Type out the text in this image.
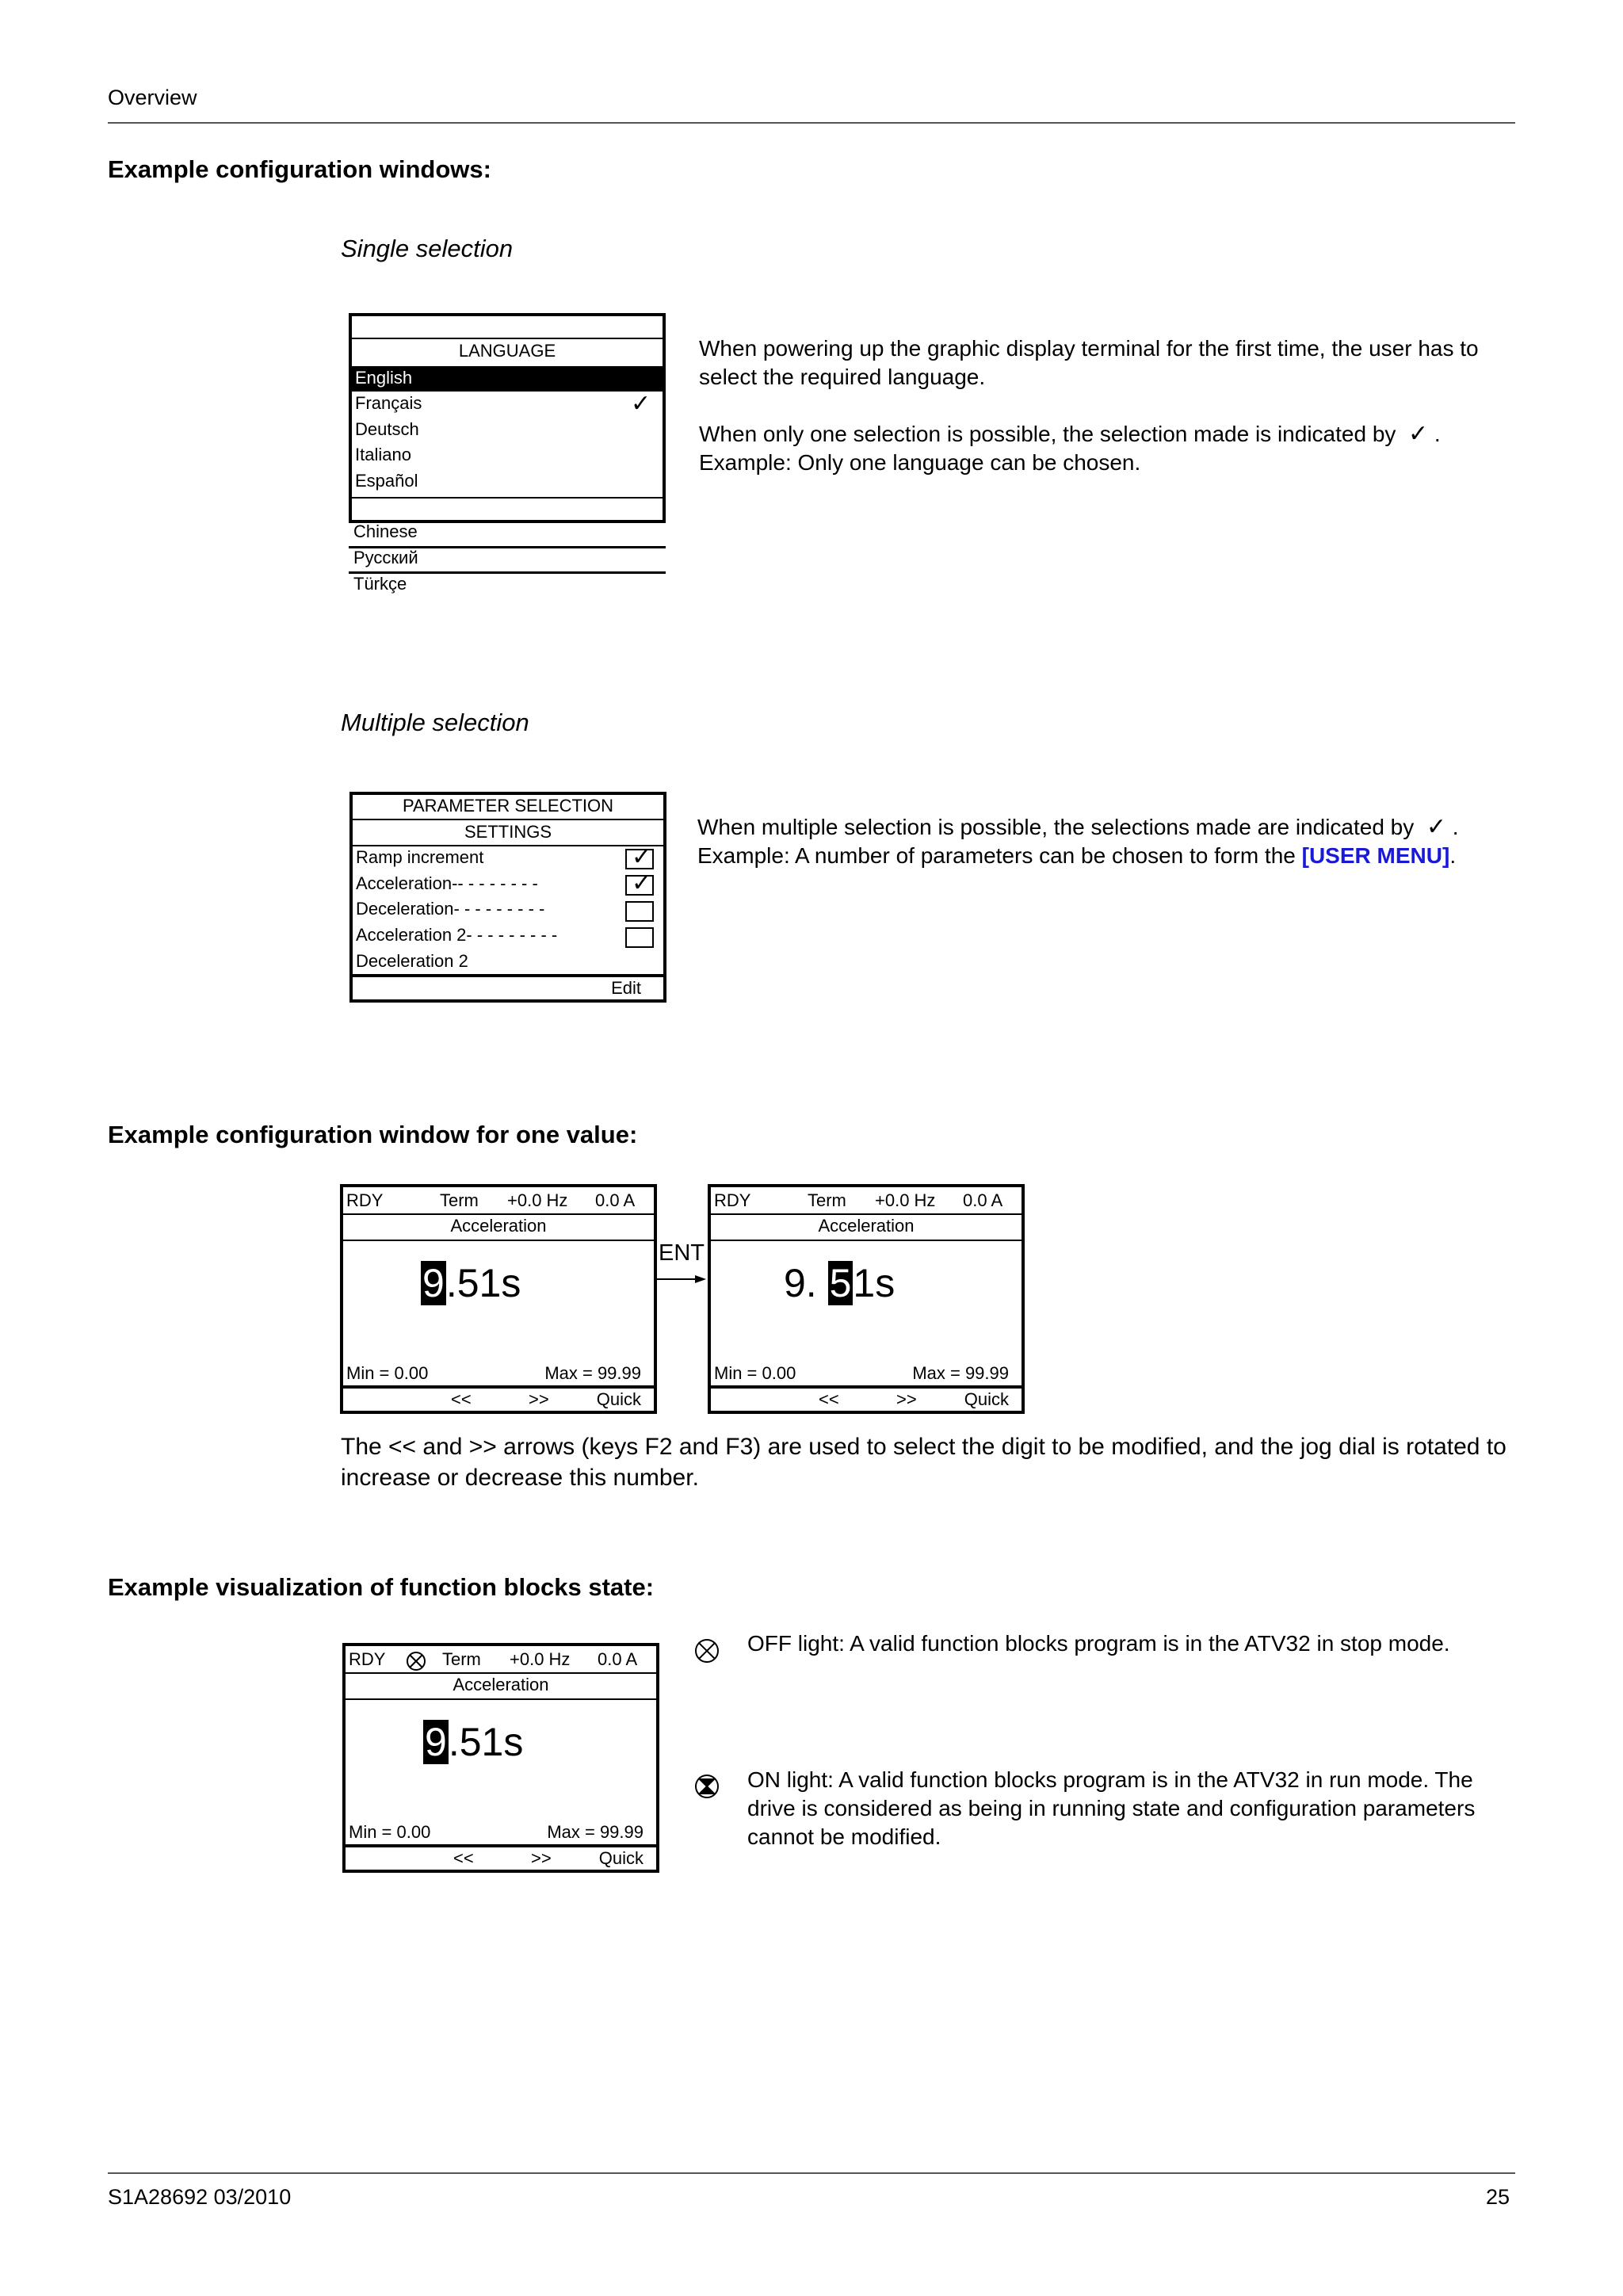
Overview
Example configuration windows:
Single selection
LANGUAGE
English
Français	✓
Deutsch
Italiano
Español
Chinese
Русский
Türkçe

When powering up the graphic display terminal for the first time, the user has to select the required language.

When only one selection is possible, the selection made is indicated by ✓ .

Example: Only one language can be chosen.

Multiple selection
PARAMETER SELECTION
SETTINGS
Ramp increment	✓
Acceleration-- - - - - - - -	✓
Deceleration- - - - - - - - -
Acceleration 2- - - - - - - - -
Deceleration 2
Edit

When multiple selection is possible, the selections made are indicated by ✓ .

Example: A number of parameters can be chosen to form the [USER MENU].

Example configuration window for one value:
RDY	Term +0.0 Hz 0.0 A
Acceleration
9.51s
Min = 0.00	Max = 99.99
<<	>>	Quick
ENT
RDY	Term +0.0 Hz 0.0 A
Acceleration
9. 51s
Min = 0.00	Max = 99.99
<<	>>	Quick
The << and >> arrows (keys F2 and F3) are used to select the digit to be modified, and the jog dial is rotated to increase or decrease this number.
Example visualization of function blocks state:
RDY	Term +0.0 Hz 0.0 A
Acceleration
9.51s
Min = 0.00	Max = 99.99
<<	>>	Quick
OFF light: A valid function blocks program is in the ATV32 in stop mode.
ON light: A valid function blocks program is in the ATV32 in run mode. The drive is considered as being in running state and configuration parameters cannot be modified.
S1A28692 03/2010	25
